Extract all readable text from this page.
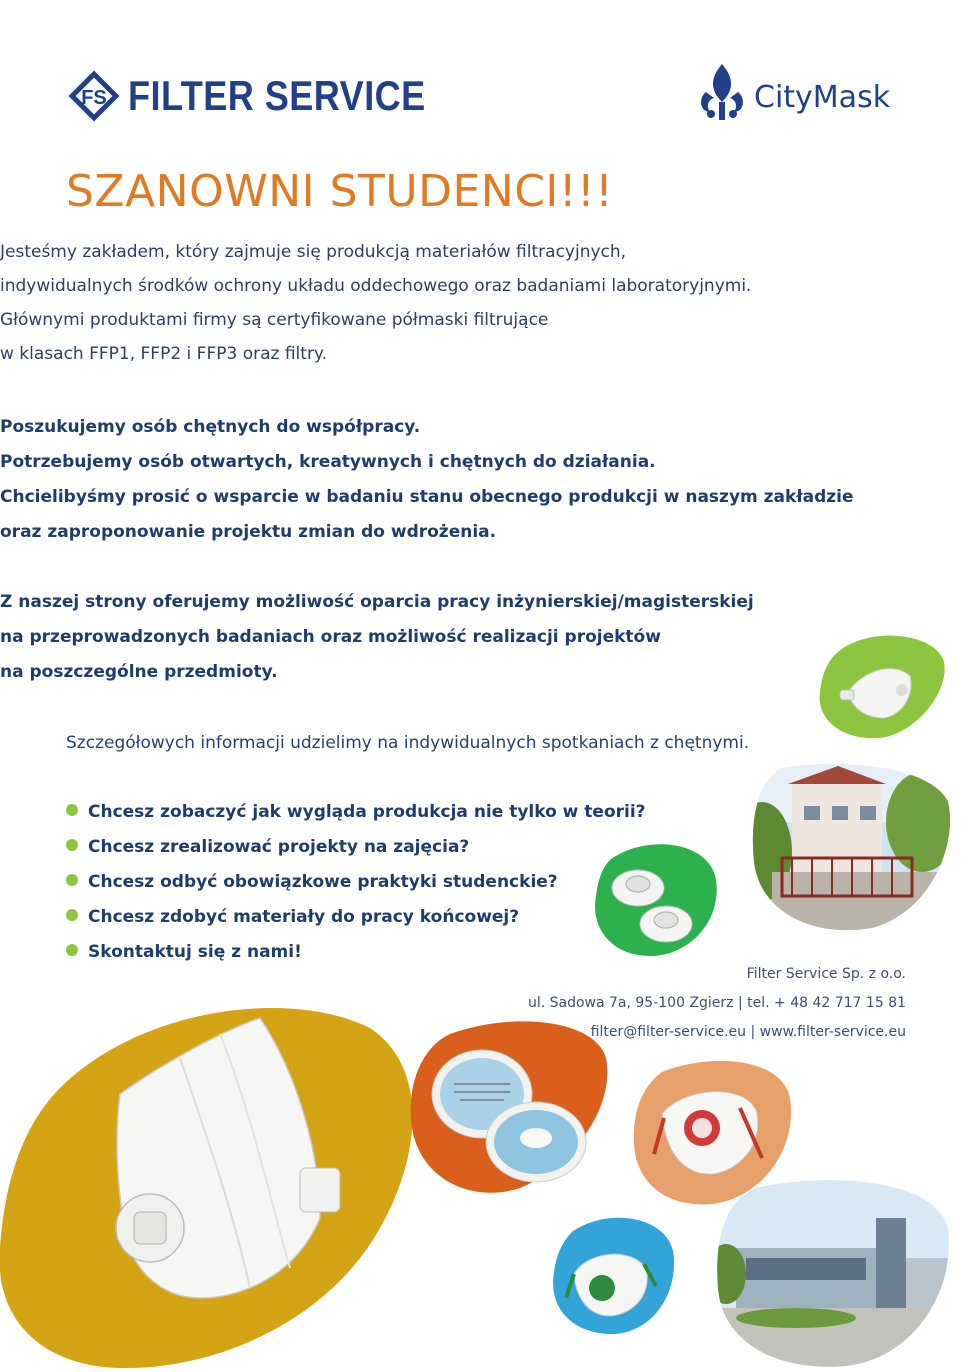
FS FILTER SERVICE	CityMask
SZANOWNI STUDENCI!!!

Jesteśmy zakładem, który zajmuje się produkcją materiałów filtracyjnych,

indywidualnych środków ochrony układu oddechowego oraz badaniami laboratoryjnymi.

Głównymi produktami firmy są certyfikowane półmaski filtrujące

w klasach FFP1, FFP2 i FFP3 oraz filtry.

Poszukujemy osób chętnych do współpracy.

Potrzebujemy osób otwartych, kreatywnych i chętnych do działania.

Chcielibyśmy prosić o wsparcie w badaniu stanu obecnego produkcji w naszym zakładzie

oraz zaproponowanie projektu zmian do wdrożenia.

Z naszej strony oferujemy możliwość oparcia pracy inżynierskiej/magisterskiej

na przeprowadzonych badaniach oraz możliwość realizacji projektów

na poszczególne przedmioty.

Szczegółowych informacji udzielimy na indywidualnych spotkaniach z chętnymi.

Chcesz zobaczyć jak wygląda produkcja nie tylko w teorii?
Chcesz zrealizować projekty na zajęcia?
Chcesz odbyć obowiązkowe praktyki studenckie?
Chcesz zdobyć materiały do pracy końcowej?
Skontaktuj się z nami!
Filter Service Sp. z o.o.
ul. Sadowa 7a, 95-100 Zgierz | tel. + 48 42 717 15 81
filter@filter-service.eu | www.filter-service.eu
